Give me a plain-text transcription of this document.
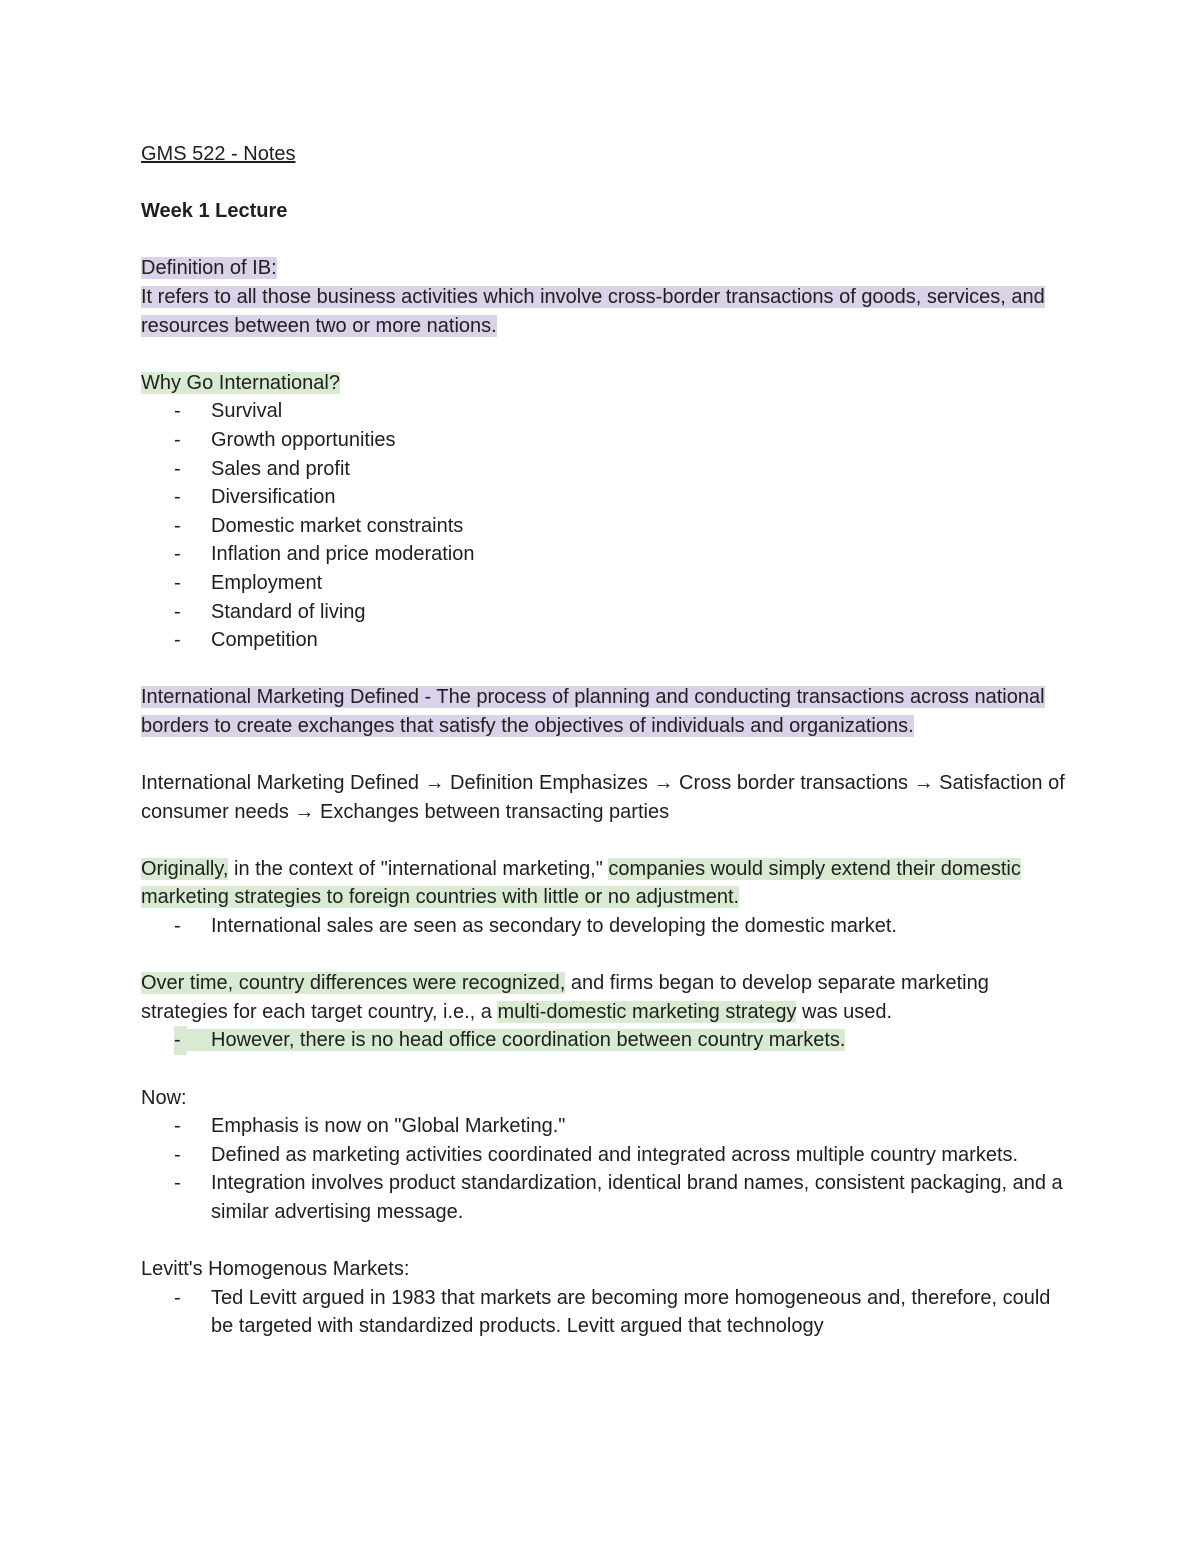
GMS 522 - Notes

Week 1 Lecture

Definition of IB:
It refers to all those business activities which involve cross-border transactions of goods, services, and resources between two or more nations.

Why Go International?

- Survival
- Growth opportunities
- Sales and profit
- Diversification
- Domestic market constraints
- Inflation and price moderation
- Employment
- Standard of living
- Competition

International Marketing Defined - The process of planning and conducting transactions across national borders to create exchanges that satisfy the objectives of individuals and organizations.

International Marketing Defined → Definition Emphasizes → Cross border transactions → Satisfaction of consumer needs → Exchanges between transacting parties

Originally, in the context of "international marketing," companies would simply extend their domestic marketing strategies to foreign countries with little or no adjustment.

- International sales are seen as secondary to developing the domestic market.

Over time, country differences were recognized, and firms began to develop separate marketing strategies for each target country, i.e., a multi-domestic marketing strategy was used.

-	However, there is no head office coordination between country markets.

Now:

- Emphasis is now on "Global Marketing."
- Defined as marketing activities coordinated and integrated across multiple country markets.
- Integration involves product standardization, identical brand names, consistent packaging, and a similar advertising message.

Levitt's Homogenous Markets:

- Ted Levitt argued in 1983 that markets are becoming more homogeneous and, therefore, could be targeted with standardized products. Levitt argued that technology
